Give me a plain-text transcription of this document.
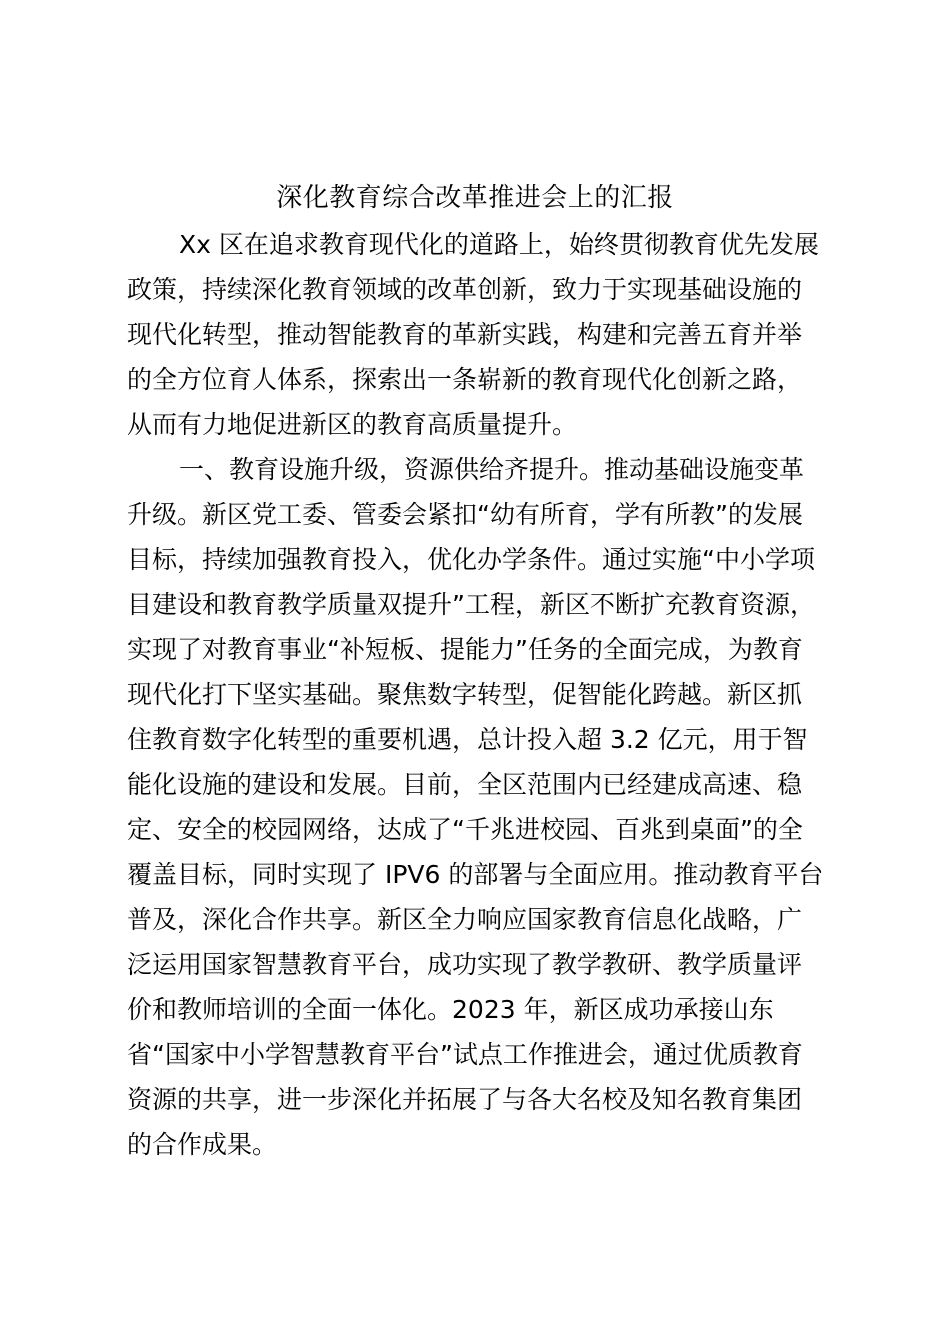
深化教育综合改革推进会上的汇报
Xx 区在追求教育现代化的道路上，始终贯彻教育优先发展
政策，持续深化教育领域的改革创新，致力于实现基础设施的
现代化转型，推动智能教育的革新实践，构建和完善五育并举
的全方位育人体系，探索出一条崭新的教育现代化创新之路，
从而有力地促进新区的教育高质量提升。
一、教育设施升级，资源供给齐提升。推动基础设施变革
升级。新区党工委、管委会紧扣“幼有所育，学有所教”的发展
目标，持续加强教育投入，优化办学条件。通过实施“中小学项
目建设和教育教学质量双提升”工程，新区不断扩充教育资源，
实现了对教育事业“补短板、提能力”任务的全面完成，为教育
现代化打下坚实基础。聚焦数字转型，促智能化跨越。新区抓
住教育数字化转型的重要机遇，总计投入超 3.2 亿元，用于智
能化设施的建设和发展。目前，全区范围内已经建成高速、稳
定、安全的校园网络，达成了“千兆进校园、百兆到桌面”的全
覆盖目标，同时实现了 IPV6 的部署与全面应用。推动教育平台
普及，深化合作共享。新区全力响应国家教育信息化战略，广
泛运用国家智慧教育平台，成功实现了教学教研、教学质量评
价和教师培训的全面一体化。2023 年，新区成功承接山东
省“国家中小学智慧教育平台”试点工作推进会，通过优质教育
资源的共享，进一步深化并拓展了与各大名校及知名教育集团
的合作成果。
